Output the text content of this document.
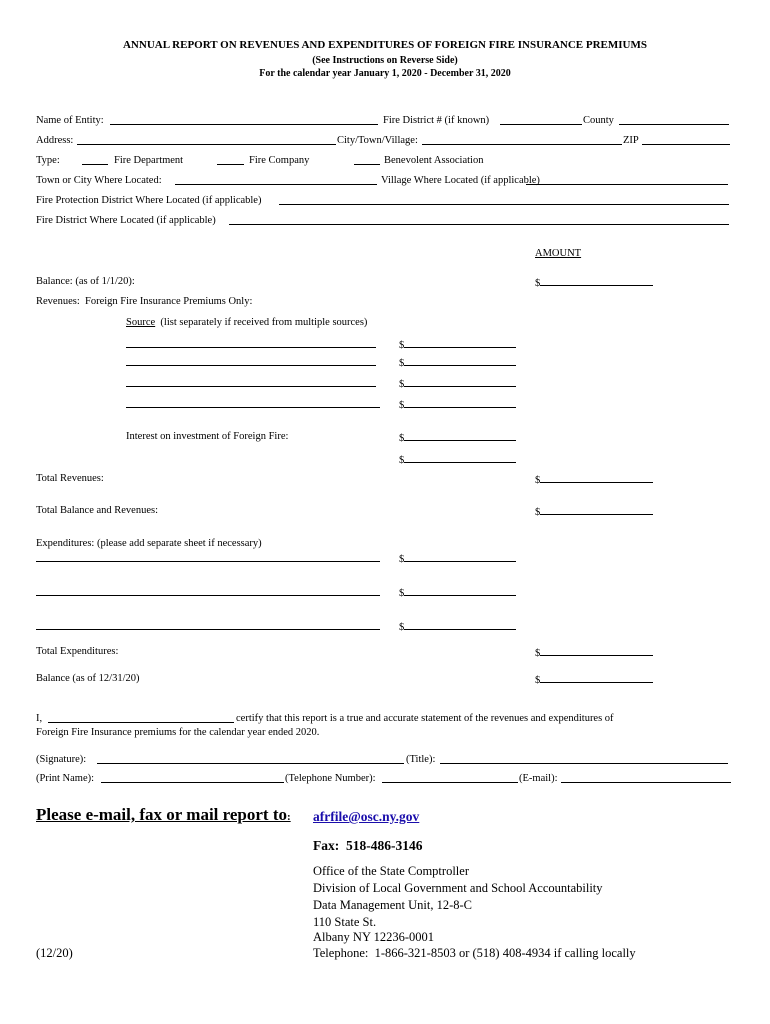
ANNUAL REPORT ON REVENUES AND EXPENDITURES OF FOREIGN FIRE INSURANCE PREMIUMS
(See Instructions on Reverse Side)
For the calendar year January 1, 2020 - December 31, 2020
Name of Entity:	Fire District # (if known)	County
Address:	City/Town/Village:	ZIP
Type:	Fire Department	Fire Company	Benevolent Association
Town or City Where Located:	Village Where Located (if applicable)
Fire Protection District Where Located (if applicable)
Fire District Where Located (if applicable)
AMOUNT
Balance: (as of 1/1/20):	$
Revenues:  Foreign Fire Insurance Premiums Only:
Source  (list separately if received from multiple sources)
$
$
$
$
Interest on investment of Foreign Fire:	$
$
Total Revenues:	$
Total Balance and Revenues:	$
Expenditures: (please add separate sheet if necessary)
$
$
$
Total Expenditures:	$
Balance (as of 12/31/20)	$
I,	certify that this report is a true and accurate statement of the revenues and expenditures of
Foreign Fire Insurance premiums for the calendar year ended 2020.
(Signature):	(Title):
(Print Name):	(Telephone Number):	(E-mail):
Please e-mail, fax or mail report to: afrfile@osc.ny.gov
Fax:  518-486-3146
Office of the State Comptroller
Division of Local Government and School Accountability
Data Management Unit, 12-8-C
110 State St.
Albany NY 12236-0001
Telephone:  1-866-321-8503 or (518) 408-4934 if calling locally
(12/20)
